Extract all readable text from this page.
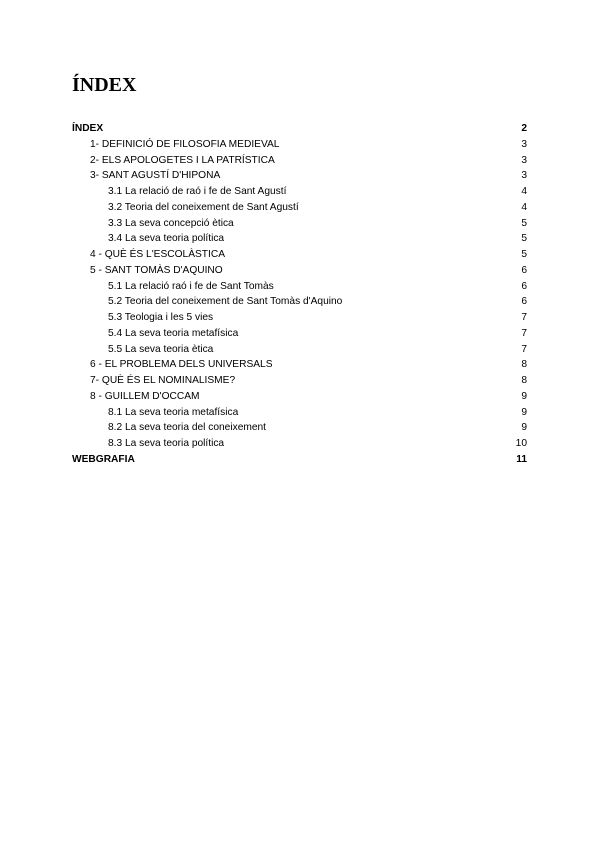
ÍNDEX
ÍNDEX	2
1- DEFINICIÓ DE FILOSOFIA MEDIEVAL	3
2- ELS APOLOGETES I LA PATRÍSTICA	3
3- SANT AGUSTÍ D'HIPONA	3
3.1 La relació de raó i fe de Sant Agustí	4
3.2 Teoria del coneixement de Sant Agustí	4
3.3 La seva concepció ètica	5
3.4 La seva teoria política	5
4 - QUÈ ÉS L'ESCOLÀSTICA	5
5 - SANT TOMÀS D'AQUINO	6
5.1 La relació raó i fe de Sant Tomàs	6
5.2 Teoria del coneixement de Sant Tomàs d'Aquino	6
5.3 Teologia i les 5 vies	7
5.4 La seva teoria metafísica	7
5.5 La seva teoria ètica	7
6 - EL PROBLEMA DELS UNIVERSALS	8
7- QUÈ ÉS EL NOMINALISME?	8
8 - GUILLEM D'OCCAM	9
8.1 La seva teoria metafísica	9
8.2 La seva teoria del coneixement	9
8.3 La seva teoria política	10
WEBGRAFIA	11
